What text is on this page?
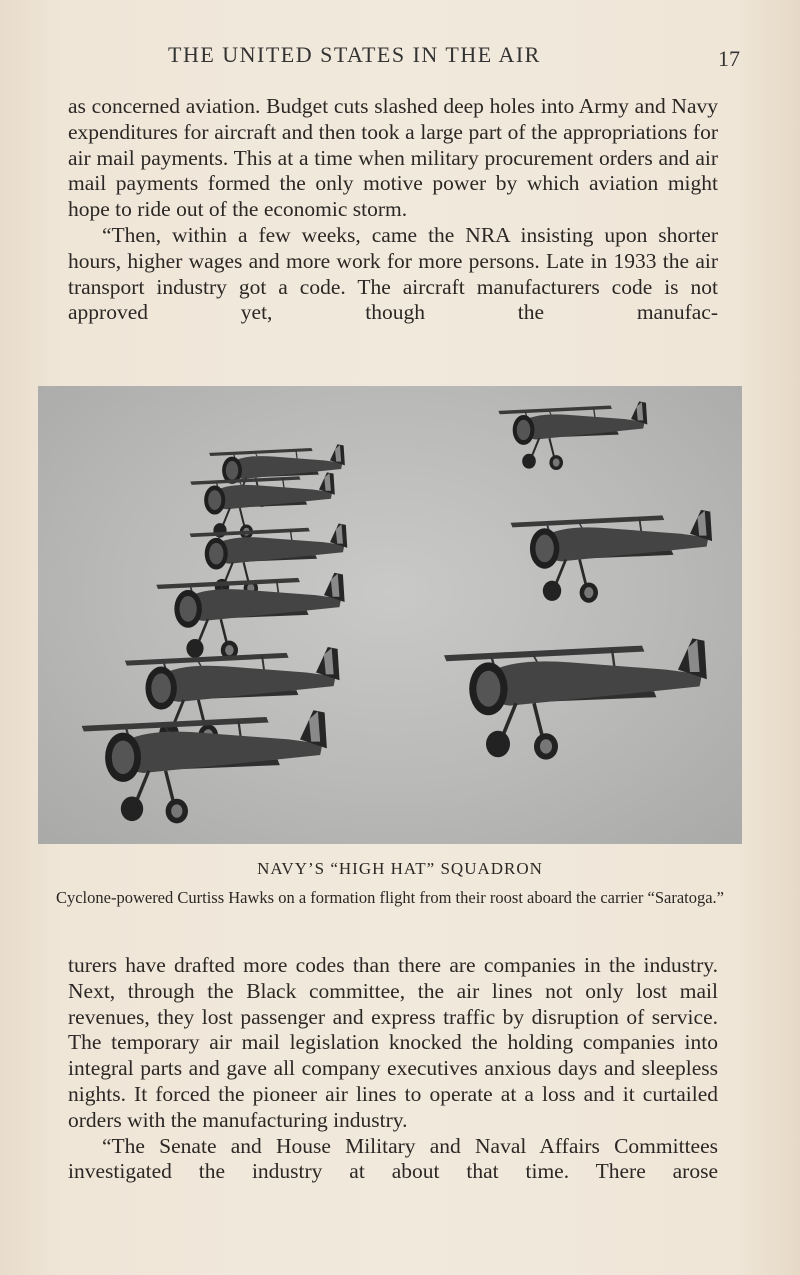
THE UNITED STATES IN THE AIR	17

as concerned aviation. Budget cuts slashed deep holes into Army and Navy expenditures for aircraft and then took a large part of the appropriations for air mail payments. This at a time when military procurement orders and air mail payments formed the only motive power by which aviation might hope to ride out of the economic storm.

“Then, within a few weeks, came the NRA insisting upon shorter hours, higher wages and more work for more persons. Late in 1933 the air transport industry got a code. The aircraft manufacturers code is not approved yet, though the manufac-

NAVY’S “HIGH HAT” SQUADRON
Cyclone-powered Curtiss Hawks on a formation flight from their roost aboard the carrier “Saratoga.”

turers have drafted more codes than there are companies in the industry. Next, through the Black committee, the air lines not only lost mail revenues, they lost passenger and express traffic by disruption of service. The temporary air mail legislation knocked the holding companies into integral parts and gave all company executives anxious days and sleepless nights. It forced the pioneer air lines to operate at a loss and it curtailed orders with the manufacturing industry.

“The Senate and House Military and Naval Affairs Committees investigated the industry at about that time. There arose
